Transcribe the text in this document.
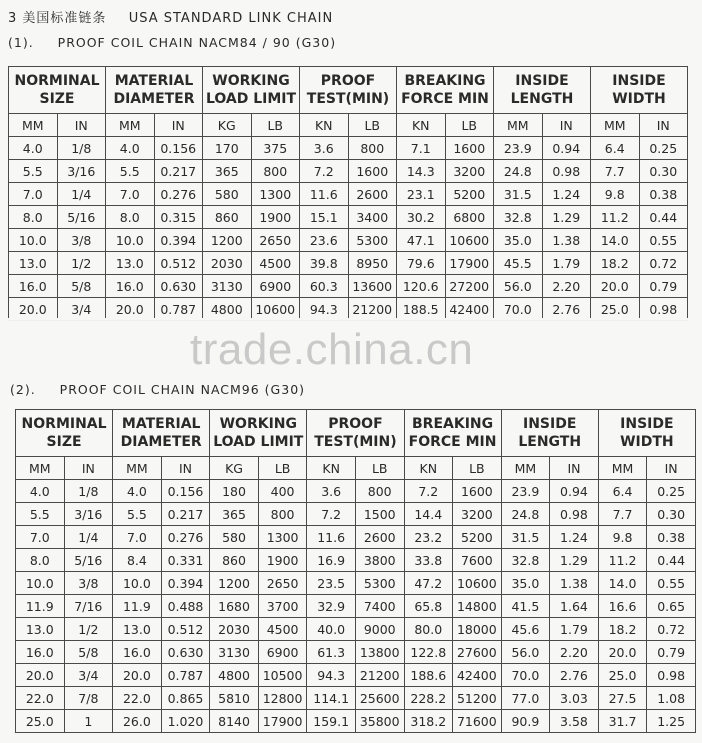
3 美国标准链条 USA STANDARD LINK CHAIN
(1). PROOF COIL CHAIN NACM84 / 90 (G30)
NORMINAL SIZE		MATERIAL DIAMETER		WORKING LOAD LIMIT		PROOF TEST(MIN)		BREAKING FORCE MIN		INSIDE LENGTH		INSIDE WIDTH	
MM	IN	MM	IN	KG	LB	KN	LB	KN	LB	MM	IN	MM	IN
4.0	1/8	4.0	0.156	170	375	3.6	800	7.1	1600	23.9	0.94	6.4	0.25
5.5	3/16	5.5	0.217	365	800	7.2	1600	14.3	3200	24.8	0.98	7.7	0.30
7.0	1/4	7.0	0.276	580	1300	11.6	2600	23.1	5200	31.5	1.24	9.8	0.38
8.0	5/16	8.0	0.315	860	1900	15.1	3400	30.2	6800	32.8	1.29	11.2	0.44
10.0	3/8	10.0	0.394	1200	2650	23.6	5300	47.1	10600	35.0	1.38	14.0	0.55
13.0	1/2	13.0	0.512	2030	4500	39.8	8950	79.6	17900	45.5	1.79	18.2	0.72
16.0	5/8	16.0	0.630	3130	6900	60.3	13600	120.6	27200	56.0	2.20	20.0	0.79
20.0	3/4	20.0	0.787	4800	10600	94.3	21200	188.5	42400	70.0	2.76	25.0	0.98
trade.china.cn
(2). PROOF COIL CHAIN NACM96 (G30)
NORMINAL SIZE		MATERIAL DIAMETER		WORKING LOAD LIMIT		PROOF TEST(MIN)		BREAKING FORCE MIN		INSIDE LENGTH		INSIDE WIDTH	
MM	IN	MM	IN	KG	LB	KN	LB	KN	LB	MM	IN	MM	IN
4.0	1/8	4.0	0.156	180	400	3.6	800	7.2	1600	23.9	0.94	6.4	0.25
5.5	3/16	5.5	0.217	365	800	7.2	1500	14.4	3200	24.8	0.98	7.7	0.30
7.0	1/4	7.0	0.276	580	1300	11.6	2600	23.2	5200	31.5	1.24	9.8	0.38
8.0	5/16	8.4	0.331	860	1900	16.9	3800	33.8	7600	32.8	1.29	11.2	0.44
10.0	3/8	10.0	0.394	1200	2650	23.5	5300	47.2	10600	35.0	1.38	14.0	0.55
11.9	7/16	11.9	0.488	1680	3700	32.9	7400	65.8	14800	41.5	1.64	16.6	0.65
13.0	1/2	13.0	0.512	2030	4500	40.0	9000	80.0	18000	45.6	1.79	18.2	0.72
16.0	5/8	16.0	0.630	3130	6900	61.3	13800	122.8	27600	56.0	2.20	20.0	0.79
20.0	3/4	20.0	0.787	4800	10500	94.3	21200	188.6	42400	70.0	2.76	25.0	0.98
22.0	7/8	22.0	0.865	5810	12800	114.1	25600	228.2	51200	77.0	3.03	27.5	1.08
25.0	1	26.0	1.020	8140	17900	159.1	35800	318.2	71600	90.9	3.58	31.7	1.25
